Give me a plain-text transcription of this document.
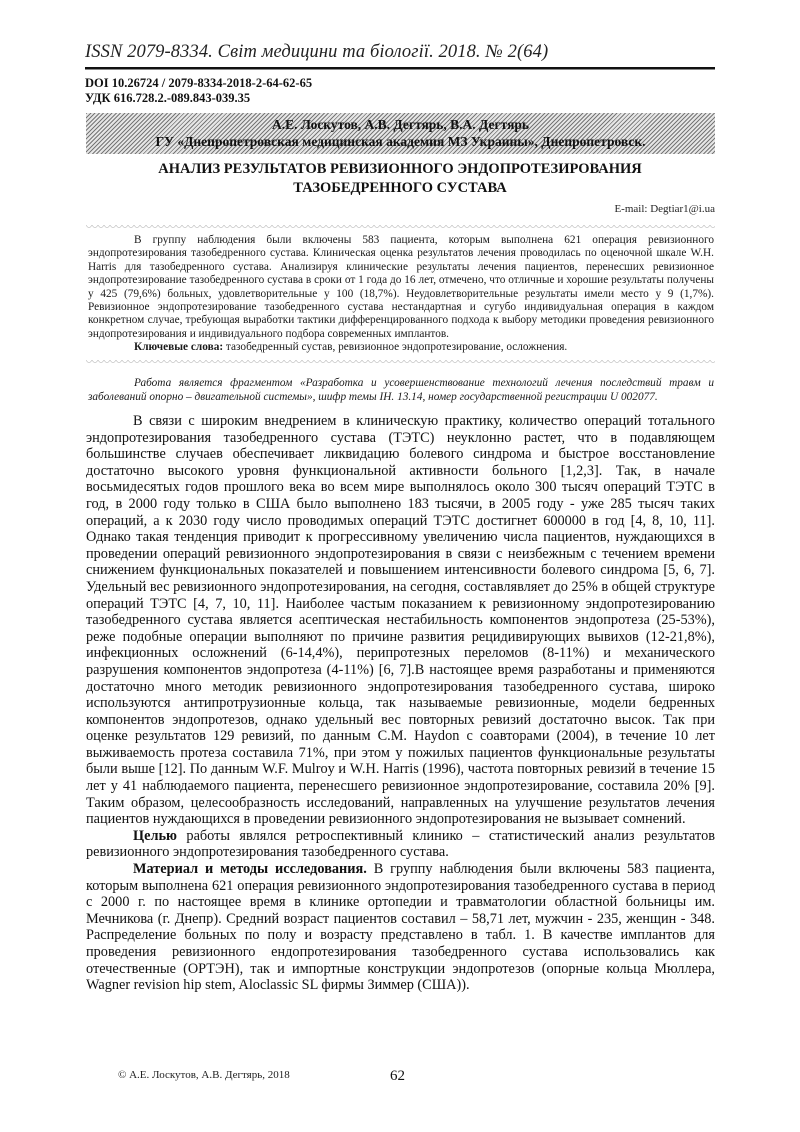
ISSN 2079-8334. Світ медицини та біології. 2018. № 2(64)
DOI 10.26724 / 2079-8334-2018-2-64-62-65
УДК 616.728.2.-089.843-039.35
А.Е. Лоскутов, А.В. Дегтярь, В.А. Дегтярь
ГУ «Днепропетровская медицинская академия МЗ Украины», Днепропетровск.
АНАЛИЗ РЕЗУЛЬТАТОВ РЕВИЗИОННОГО ЭНДОПРОТЕЗИРОВАНИЯ
ТАЗОБЕДРЕННОГО СУСТАВА
E-mail: Degtiar1@i.ua

В группу наблюдения были включены 583 пациента, которым выполнена 621 операция ревизионного эндопротезирования тазобедренного сустава. Клиническая оценка результатов лечения проводилась по оценочной шкале W.H. Harris для тазобедренного сустава. Анализируя клинические результаты лечения пациентов, перенесших ревизионное эндопротезирование тазобедренного сустава в сроки от 1 года до 16 лет, отмечено, что отличные и хорошие результаты получены у 425 (79,6%) больных, удовлетворительные у 100 (18,7%). Неудовлетворительные результаты имели место у 9 (1,7%). Ревизионное эндопротезирование тазобедренного сустава нестандартная и сугубо индивидуальная операция в каждом конкретном случае, требующая выработки тактики дифференцированного подхода к выбору методики проведения ревизионного эндопротезирования и индивидуального подбора современных имплантов.

Ключевые слова: тазобедренный сустав, ревизионное эндопротезирование, осложнения.

Работа является фрагментом «Разработка и усовершенствование технологий лечения последствий травм и заболеваний опорно – двигательной системы», шифр темы ІН. 13.14, номер государственной регистрации U 002077.

В связи с широким внедрением в клиническую практику, количество операций тотального эндопротезирования тазобедренного сустава (ТЭТС) неуклонно растет, что в подавляющем большинстве случаев обеспечивает ликвидацию болевого синдрома и быстрое восстановление достаточно высокого уровня функциональной активности больного [1,2,3]. Так, в начале восьмидесятых годов прошлого века во всем мире выполнялось около 300 тысяч операций ТЭТС в год, в 2000 году только в США было выполнено 183 тысячи, в 2005 году - уже 285 тысяч таких операций, а к 2030 году число проводимых операций ТЭТС достигнет 600000 в год [4, 8, 10, 11]. Однако такая тенденция приводит к прогрессивному увеличению числа пациентов, нуждающихся в проведении операций ревизионного эндопротезирования в связи с неизбежным с течением времени снижением функциональных показателей и повышением интенсивности болевого синдрома [5, 6, 7]. Удельный вес ревизионного эндопротезирования, на сегодня, составлявляет до 25% в общей структуре операций ТЭТС [4, 7, 10, 11]. Наиболее частым показанием к ревизионному эндопротезированию тазобедренного сустава является асептическая нестабильность компонентов эндопротеза (25-53%), реже подобные операции выполняют по причине развития рецидивирующих вывихов (12-21,8%), инфекционных осложнений (6-14,4%), перипротезных переломов (8-11%) и механического разрушения компонентов эндопротеза (4-11%) [6, 7].В настоящее время разработаны и применяются достаточно много методик ревизионного эндопротезирования тазобедренного сустава, широко используются антипротрузионные кольца, так называемые ревизионные, модели бедренных компонентов эндопротезов, однако удельный вес повторных ревизий достаточно высок. Так при оценке результатов 129 ревизий, по данным C.M. Haydon с соавторами (2004), в течение 10 лет выживаемость протеза составила 71%, при этом у пожилых пациентов функциональные результаты были выше [12]. По данным W.F. Mulroy и W.H. Harris (1996), частота повторных ревизий в течение 15 лет у 41 наблюдаемого пациента, перенесшего ревизионное эндопротезирование, составила 20% [9]. Таким образом, целесообразность исследований, направленных на улучшение результатов лечения пациентов нуждающихся в проведении ревизионного эндопротезирования не вызывает сомнений.

Целью работы являлся ретроспективный клинико – статистический анализ результатов ревизионного эндопротезирования тазобедренного сустава.

Материал и методы исследования. В группу наблюдения были включены 583 пациента, которым выполнена 621 операция ревизионного эндопротезирования тазобедренного сустава в период с 2000 г. по настоящее время в клинике ортопедии и травматологии областной больницы им. Мечникова (г. Днепр). Средний возраст пациентов составил – 58,71 лет, мужчин - 235, женщин - 348. Распределение больных по полу и возрасту представлено в табл. 1. В качестве имплантов для проведения ревизионного ендопротезирования тазобедренного сустава использовались как отечественные (ОРТЭН), так и импортные конструкции эндопротезов (опорные кольца Мюллера, Wagner revision hip stem, Aloclassic SL фирмы Зиммер (США)).

© А.Е. Лоскутов, А.В. Дегтярь, 2018	62
